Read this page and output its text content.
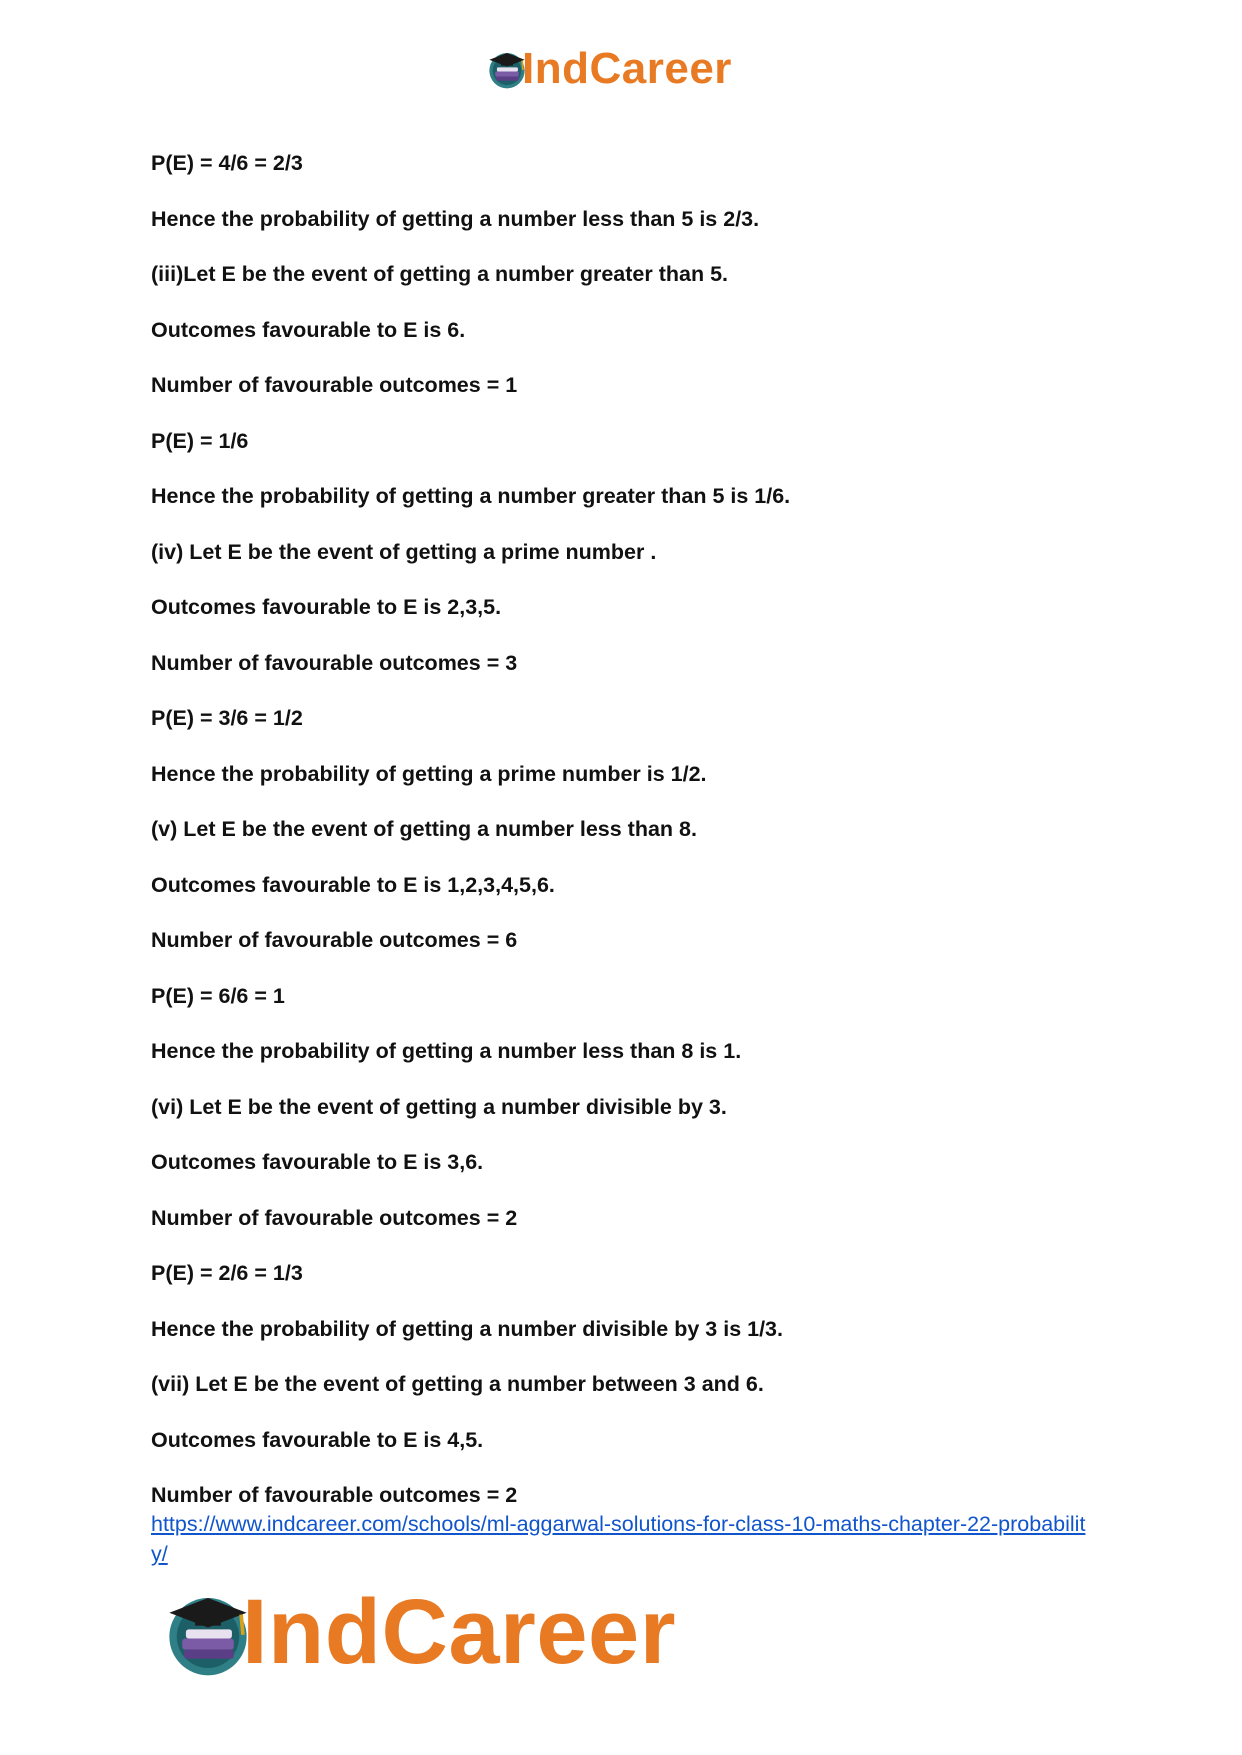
IndCareer
P(E) = 4/6 = 2/3
Hence the probability of getting a number less than 5 is 2/3.
(iii)Let E be the event of getting a number greater than 5.
Outcomes favourable to E is 6.
Number of favourable outcomes = 1
P(E) = 1/6
Hence the probability of getting a number greater than 5 is 1/6.
(iv) Let E be the event of getting a prime number .
Outcomes favourable to E is 2,3,5.
Number of favourable outcomes = 3
P(E) = 3/6 = 1/2
Hence the probability of getting a prime number is 1/2.
(v) Let E be the event of getting a number less than 8.
Outcomes favourable to E is 1,2,3,4,5,6.
Number of favourable outcomes = 6
P(E) = 6/6 = 1
Hence the probability of getting a number less than 8 is 1.
(vi) Let E be the event of getting a number divisible by 3.
Outcomes favourable to E is 3,6.
Number of favourable outcomes = 2
P(E) = 2/6 = 1/3
Hence the probability of getting a number divisible by 3 is 1/3.
(vii) Let E be the event of getting a number between 3 and 6.
Outcomes favourable to E is 4,5.
Number of favourable outcomes = 2
https://www.indcareer.com/schools/ml-aggarwal-solutions-for-class-10-maths-chapter-22-probability/
IndCareer
